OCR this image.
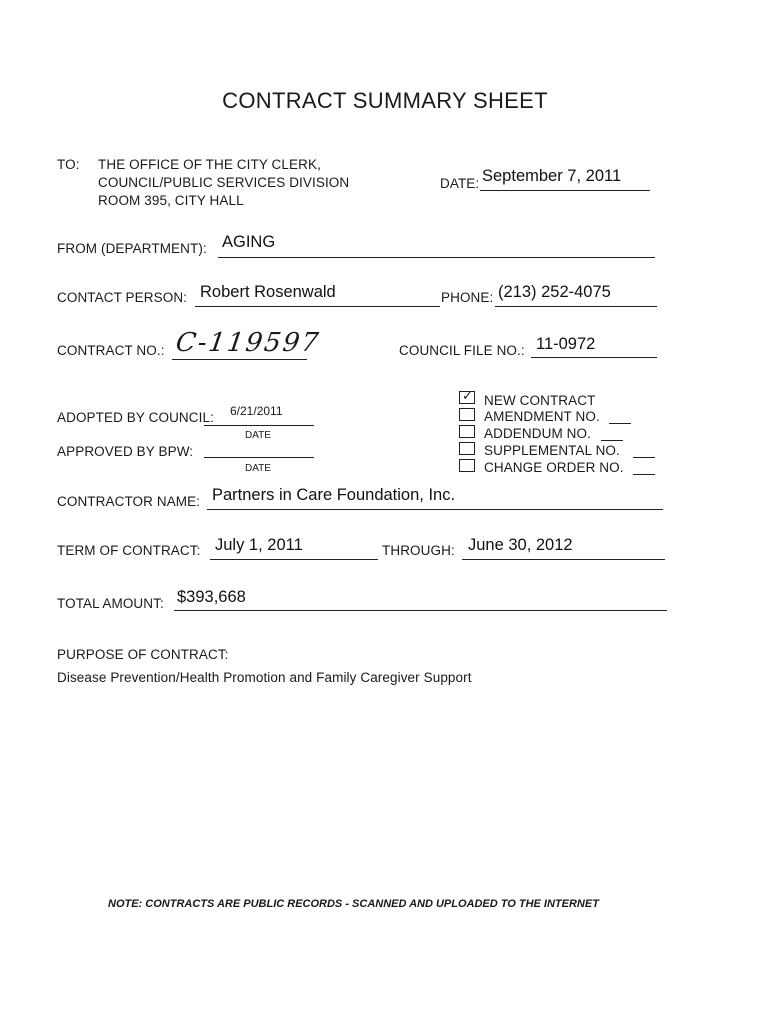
CONTRACT SUMMARY SHEET
TO: THE OFFICE OF THE CITY CLERK,
COUNCIL/PUBLIC SERVICES DIVISION
ROOM 395, CITY HALL
DATE: September 7, 2011
FROM (DEPARTMENT): AGING
CONTACT PERSON: Robert Rosenwald	PHONE: (213) 252-4075
CONTRACT NO.: C-119597	COUNCIL FILE NO.: 11-0972
ADOPTED BY COUNCIL: 6/21/2011
DATE
APPROVED BY BPW:
DATE
✓ NEW CONTRACT
AMENDMENT NO.
ADDENDUM NO.
SUPPLEMENTAL NO.
CHANGE ORDER NO.
CONTRACTOR NAME: Partners in Care Foundation, Inc.
TERM OF CONTRACT: July 1, 2011	THROUGH: June 30, 2012
TOTAL AMOUNT: $393,668
PURPOSE OF CONTRACT:
Disease Prevention/Health Promotion and Family Caregiver Support
NOTE: CONTRACTS ARE PUBLIC RECORDS - SCANNED AND UPLOADED TO THE INTERNET
